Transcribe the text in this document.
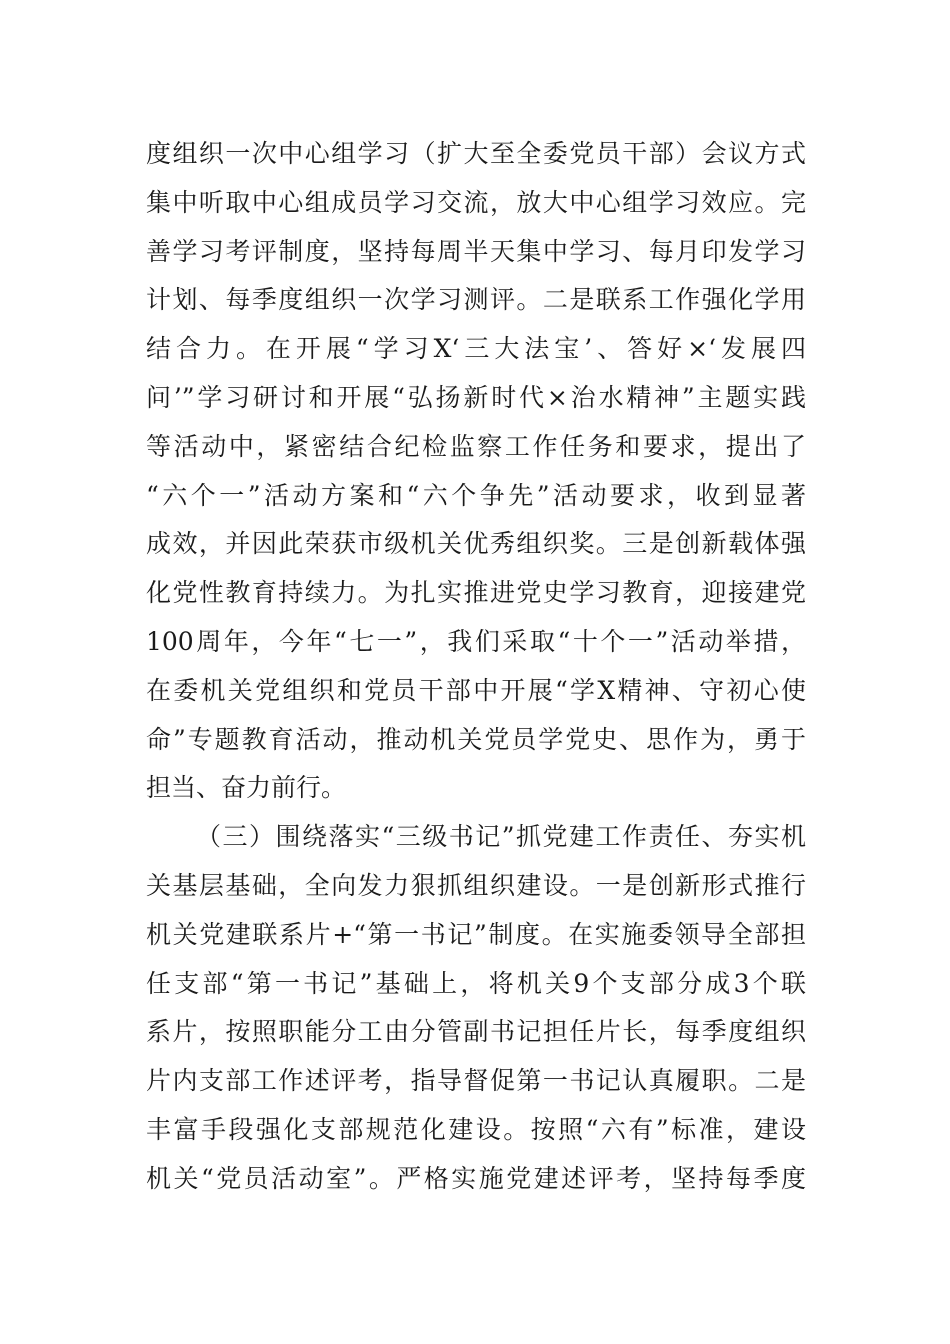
度组织一次中心组学习（扩大至全委党员干部）会议方式
集中听取中心组成员学习交流，放大中心组学习效应。完
善学习考评制度，坚持每周半天集中学习、每月印发学习
计划、每季度组织一次学习测评。二是联系工作强化学用
结合力。在开展“学习X‘三大法宝’、答好×‘发展四
问’”学习研讨和开展“弘扬新时代×治水精神”主题实践
等活动中，紧密结合纪检监察工作任务和要求，提出了
“六个一”活动方案和“六个争先”活动要求，收到显著
成效，并因此荣获市级机关优秀组织奖。三是创新载体强
化党性教育持续力。为扎实推进党史学习教育，迎接建党
100周年，今年“七一”，我们采取“十个一”活动举措，
在委机关党组织和党员干部中开展“学X精神、守初心使
命”专题教育活动，推动机关党员学党史、思作为，勇于
担当、奋力前行。
（三）围绕落实“三级书记”抓党建工作责任、夯实机
关基层基础，全向发力狠抓组织建设。一是创新形式推行
机关党建联系片+“第一书记”制度。在实施委领导全部担
任支部“第一书记”基础上，将机关9个支部分成3个联
系片，按照职能分工由分管副书记担任片长，每季度组织
片内支部工作述评考，指导督促第一书记认真履职。二是
丰富手段强化支部规范化建设。按照“六有”标准，建设
机关“党员活动室”。严格实施党建述评考，坚持每季度
